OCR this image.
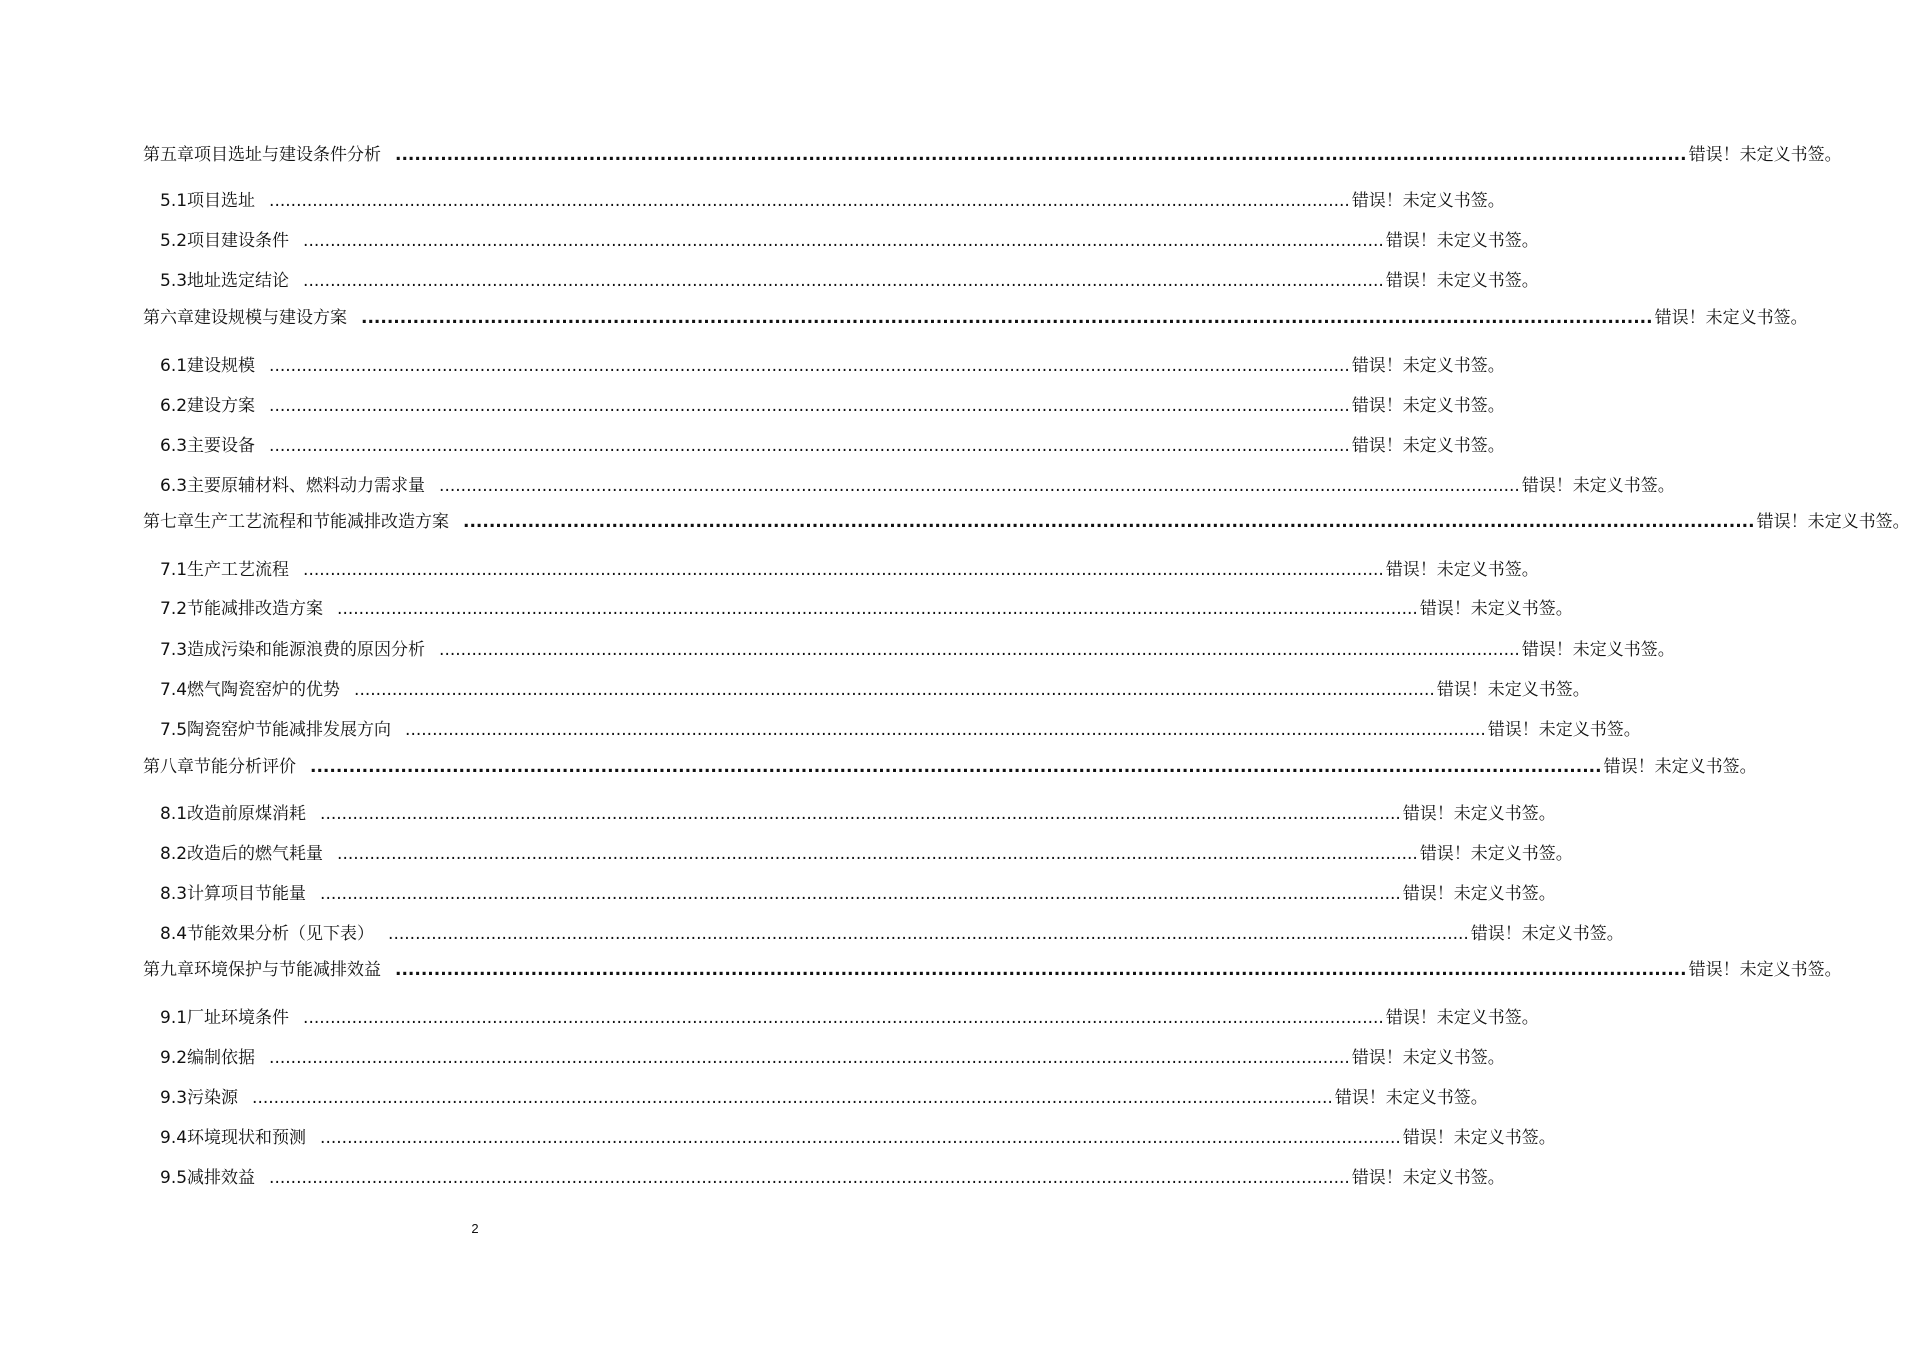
第五章 项目选址与建设条件分析 ........................................................................................................................................................................................................ 错误！未定义书签。
5.1 项目选址 ........................................................................................................................................................................................................ 错误！未定义书签。
5.2 项目建设条件 ........................................................................................................................................................................................................ 错误！未定义书签。
5.3 地址选定结论 ........................................................................................................................................................................................................ 错误！未定义书签。
第六章 建设规模与建设方案 ........................................................................................................................................................................................................ 错误！未定义书签。
6.1 建设规模 ........................................................................................................................................................................................................ 错误！未定义书签。
6.2 建设方案 ........................................................................................................................................................................................................ 错误！未定义书签。
6.3 主要设备 ........................................................................................................................................................................................................ 错误！未定义书签。
6.3 主要原辅材料、燃料动力需求量 ........................................................................................................................................................................................................ 错误！未定义书签。
第七章 生产工艺流程和节能减排改造方案 ........................................................................................................................................................................................................ 错误！未定义书签。
7.1 生产工艺流程 ........................................................................................................................................................................................................ 错误！未定义书签。
7.2 节能减排改造方案 ........................................................................................................................................................................................................ 错误！未定义书签。
7.3 造成污染和能源浪费的原因分析 ........................................................................................................................................................................................................ 错误！未定义书签。
7.4 燃气陶瓷窑炉的优势 ........................................................................................................................................................................................................ 错误！未定义书签。
7.5 陶瓷窑炉节能减排发展方向 ........................................................................................................................................................................................................ 错误！未定义书签。
第八章 节能分析评价 ........................................................................................................................................................................................................ 错误！未定义书签。
8.1 改造前原煤消耗 ........................................................................................................................................................................................................ 错误！未定义书签。
8.2 改造后的燃气耗量 ........................................................................................................................................................................................................ 错误！未定义书签。
8.3 计算项目节能量 ........................................................................................................................................................................................................ 错误！未定义书签。
8.4 节能效果分析（见下表） ........................................................................................................................................................................................................ 错误！未定义书签。
第九章 环境保护与节能减排效益 ........................................................................................................................................................................................................ 错误！未定义书签。
9.1 厂址环境条件 ........................................................................................................................................................................................................ 错误！未定义书签。
9.2 编制依据 ........................................................................................................................................................................................................ 错误！未定义书签。
9.3 污染源 ........................................................................................................................................................................................................ 错误！未定义书签。
9.4 环境现状和预测 ........................................................................................................................................................................................................ 错误！未定义书签。
9.5 减排效益 ........................................................................................................................................................................................................ 错误！未定义书签。
2
